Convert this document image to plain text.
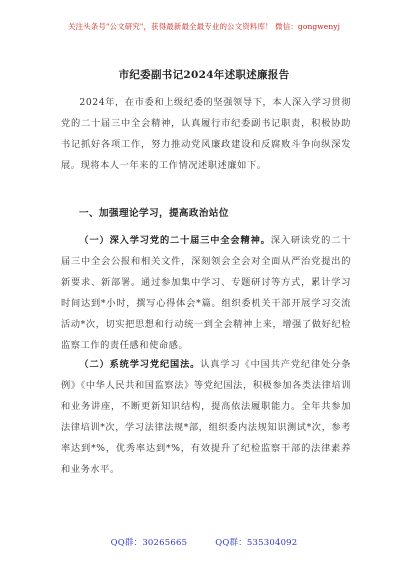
关注头条号"公文研究"，获得最新最全最专业的公文资料库！ 微信：gongwenyj
市纪委副书记2024年述职述廉报告

2024年，在市委和上级纪委的坚强领导下，本人深入学习贯彻党的二十届三中全会精神，认真履行市纪委副书记职责，积极协助书记抓好各项工作，努力推动党风廉政建设和反腐败斗争向纵深发展。现将本人一年来的工作情况述职述廉如下。

一、加强理论学习，提高政治站位

（一）深入学习党的二十届三中全会精神。深入研读党的二十届三中全会公报和相关文件，深刻领会全会对全面从严治党提出的新要求、新部署。通过参加集中学习、专题研讨等方式，累计学习时间达到*小时，撰写心得体会*篇。组织委机关干部开展学习交流活动*次，切实把思想和行动统一到全会精神上来，增强了做好纪检监察工作的责任感和使命感。

（二）系统学习党纪国法。认真学习《中国共产党纪律处分条例》《中华人民共和国监察法》等党纪国法，积极参加各类法律培训和业务讲座，不断更新知识结构，提高依法履职能力。全年共参加法律培训*次，学习法律法规*部，组织委内法规知识测试*次，参考率达到*%，优秀率达到*%，有效提升了纪检监察干部的法律素养和业务水平。

QQ群：30265665	QQ群：535304092
